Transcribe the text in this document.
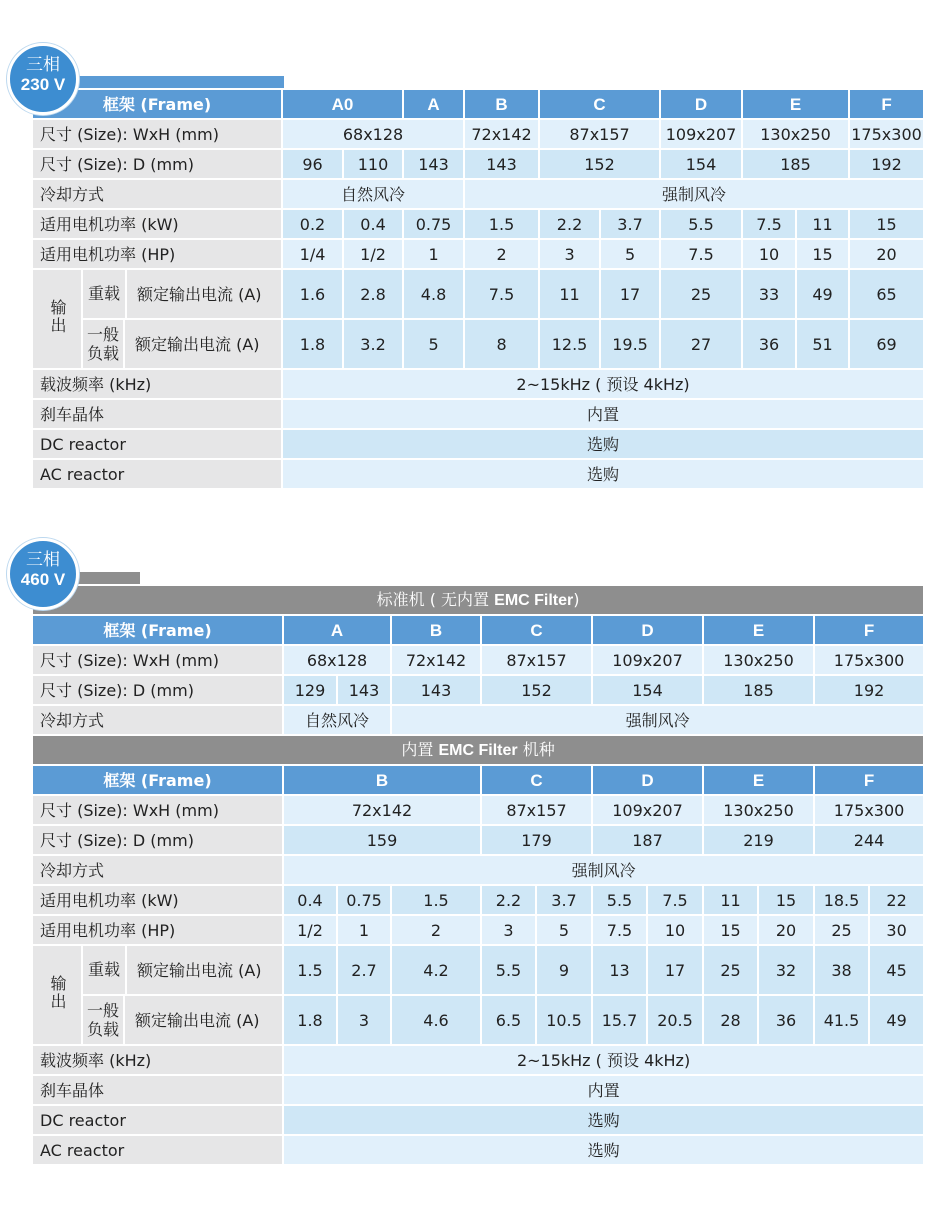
框架 (Frame)		A0		A	B	C		D	E		F
尺寸 (Size): WxH (mm)		68x128			72x142	87x157		109x207	130x250		175x300
尺寸 (Size): D (mm)		96	110	143	143	152		154	185		192
冷却方式		自然风冷			强制风冷						
适用电机功率 (kW)		0.2	0.4	0.75	1.5	2.2	3.7	5.5	7.5	11	15
适用电机功率 (HP)		1/4	1/2	1	2	3	5	7.5	10	15	20
输出	重载 额定输出电流 (A)	1.6	2.8	4.8	7.5	11	17	25	33	49	65

	一般负载 额定输出电流 (A)	1.8	3.2	5	8	12.5	19.5	27	36	51	69
载波频率 (kHz)		2~15kHz ( 预设 4kHz)									
刹车晶体		内置									
DC reactor		选购									
AC reactor		选购									
三相
230 V
标准机 ( 无内置 EMC Filter)												
框架 (Frame)		A		B	C		D		E		F	
尺寸 (Size): WxH (mm)		68x128		72x142	87x157		109x207		130x250		175x300	
尺寸 (Size): D (mm)		129	143	143	152		154		185		192	
冷却方式		自然风冷		强制风冷								
内置 EMC Filter 机种												
框架 (Frame)		B			C		D		E		F	
尺寸 (Size): WxH (mm)		72x142			87x157		109x207		130x250		175x300	
尺寸 (Size): D (mm)		159			179		187		219		244	
冷却方式		强制风冷										
适用电机功率 (kW)		0.4	0.75	1.5	2.2	3.7	5.5	7.5	11	15	18.5	22
适用电机功率 (HP)		1/2	1	2	3	5	7.5	10	15	20	25	30
输出	重载 额定输出电流 (A)	1.5	2.7	4.2	5.5	9	13	17	25	32	38	45

	一般负载 额定输出电流 (A)	1.8	3	4.6	6.5	10.5	15.7	20.5	28	36	41.5	49
载波频率 (kHz)		2~15kHz ( 预设 4kHz)										
刹车晶体		内置										
DC reactor		选购										
AC reactor		选购										
三相
460 V
